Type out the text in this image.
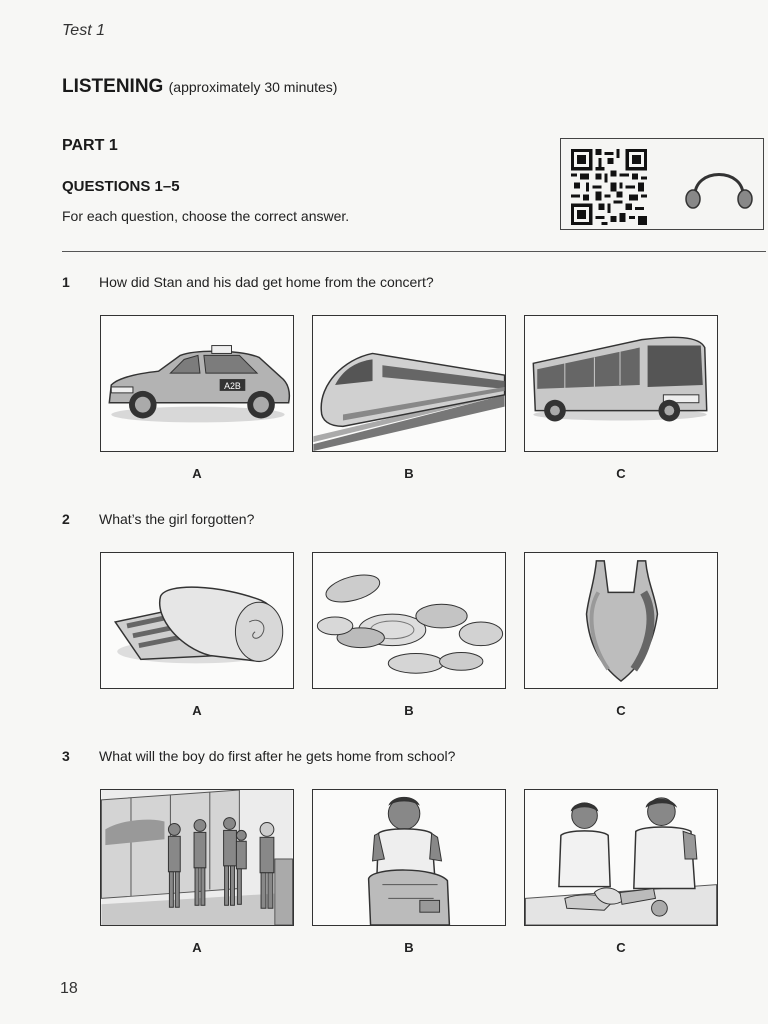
Test 1
LISTENING (approximately 30 minutes)
PART 1
QUESTIONS 1–5
For each question, choose the correct answer.
1 How did Stan and his dad get home from the concert?
A2B
A	B	C
2 What’s the girl forgotten?
A	B	C
3 What will the boy do first after he gets home from school?
A	B	C
18
